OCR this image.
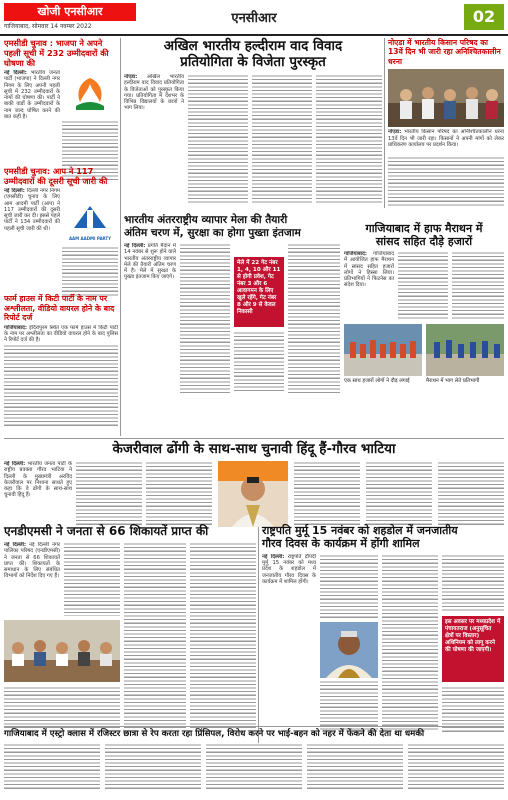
खोजी एनसीआर
गाजियाबाद, सोमवार 14 नवम्बर 2022
एनसीआर	02
एमसीडी चुनाव : भाजपा ने अपने पहली सूची में 232 उम्मीदवारों की घोषणा की
नई दिल्ली: भारतीय जनता पार्टी (भाजपा) ने दिल्ली नगर निगम के लिए अपनी पहली सूची में 232 उम्मीदवारों के नामों की घोषणा की। पार्टी ने बाकी वार्डों के उम्मीदवारों के नाम जल्द घोषित करने की बात कही है।
एमसीडी चुनाव: आप ने 117 उम्मीदवारों की दूसरी सूची जारी की
नई दिल्ली: दिल्ली नगर निगम (एमसीडी) चुनाव के लिए आम आदमी पार्टी (आप) ने 117 उम्मीदवारों की दूसरी सूची जारी कर दी। इससे पहले पार्टी ने 134 उम्मीदवारों की पहली सूची जारी की थी।
AAM AADMI PARTY
फार्म हाउस में किटी पार्टी के नाम पर अश्लीलता, वीडियो वायरल होने के बाद रिपोर्ट दर्ज
गाजियाबाद: इंदिरापुरम स्थित एक फार्म हाउस में किटी पार्टी के नाम पर अश्लीलता का वीडियो वायरल होने के बाद पुलिस ने रिपोर्ट दर्ज की है।
अखिल भारतीय हल्दीराम वाद विवाद
प्रतियोगिता के विजेता पुरस्कृत
नोएडा: अखिल भारतीय हल्दीराम वाद विवाद प्रतियोगिता के विजेताओं को पुरस्कृत किया गया। प्रतियोगिता में देशभर के विभिन्न विद्यालयों के छात्रों ने भाग लिया।
नोएडा में भारतीय किसान परिषद का 13वें दिन भी जारी रहा अनिश्चितकालीन धरना
नोएडा: भारतीय किसान परिषद का अनिश्चितकालीन धरना 13वें दिन भी जारी रहा। किसानों ने अपनी मांगों को लेकर प्राधिकरण कार्यालय पर प्रदर्शन किया।
भारतीय अंतरराष्ट्रीय व्यापार मेला की तैयारी
अंतिम चरण में, सुरक्षा का होगा पुख्ता इंतजाम
नई दिल्ली: प्रगति मैदान में 14 नवंबर से शुरू होने वाले भारतीय अंतरराष्ट्रीय व्यापार मेले की तैयारी अंतिम चरण में है। मेले में सुरक्षा के पुख्ता इंतजाम किए जाएंगे।
मेले में 22 गेट नंबर 1, 4, 10 और 11 से होगी प्रवेश, गेट नंबर 3 और 6 आवागमन के लिए खुले रहेंगे, गेट नंबर 8 और 9 से केवल निकासी
गाजियाबाद में हाफ मैराथन में
सांसद सहित दौड़े हजारों
गाजियाबाद: गाजियाबाद में आयोजित हाफ मैराथन में सांसद सहित हजारों लोगों ने हिस्सा लिया। प्रतिभागियों ने फिटनेस का संदेश दिया।
एक साथ हजारों लोगों ने दौड़ लगाई	मैराथन में भाग लेते प्रतिभागी
केजरीवाल ढोंगी के साथ-साथ चुनावी हिंदू हैं-गौरव भाटिया
नई दिल्ली: भारतीय जनता पार्टी के राष्ट्रीय प्रवक्ता गौरव भाटिया ने दिल्ली के मुख्यमंत्री अरविंद केजरीवाल पर निशाना साधते हुए कहा कि वे ढोंगी के साथ-साथ चुनावी हिंदू हैं।
एनडीएमसी ने जनता से 66 शिकायतें प्राप्त की
नई दिल्ली: नई दिल्ली नगर पालिका परिषद (एनडीएमसी) ने जनता से 66 शिकायतें प्राप्त कीं। शिकायतों के समाधान के लिए संबंधित विभागों को निर्देश दिए गए हैं।
राष्ट्रपति मुर्मू 15 नवंबर को शहडोल में जनजातीय
गौरव दिवस के कार्यक्रम में होंगी शामिल
नई दिल्ली: राष्ट्रपति द्रौपदी मुर्मू 15 नवंबर को मध्य प्रदेश के शहडोल में जनजातीय गौरव दिवस के कार्यक्रम में शामिल होंगी।
इस अवसर पर मध्यप्रदेश में पंचायतराज (अनुसूचित क्षेत्रों पर विस्तार) अधिनियम को लागू करने की घोषणा की जाएगी।
गाजियाबाद में एस्ट्रो क्लास में रजिस्टर छात्रा से रेप करता रहा प्रिंसिपल, विरोध करने पर भाई-बहन को नहर में फेंकने की देता था धमकी
